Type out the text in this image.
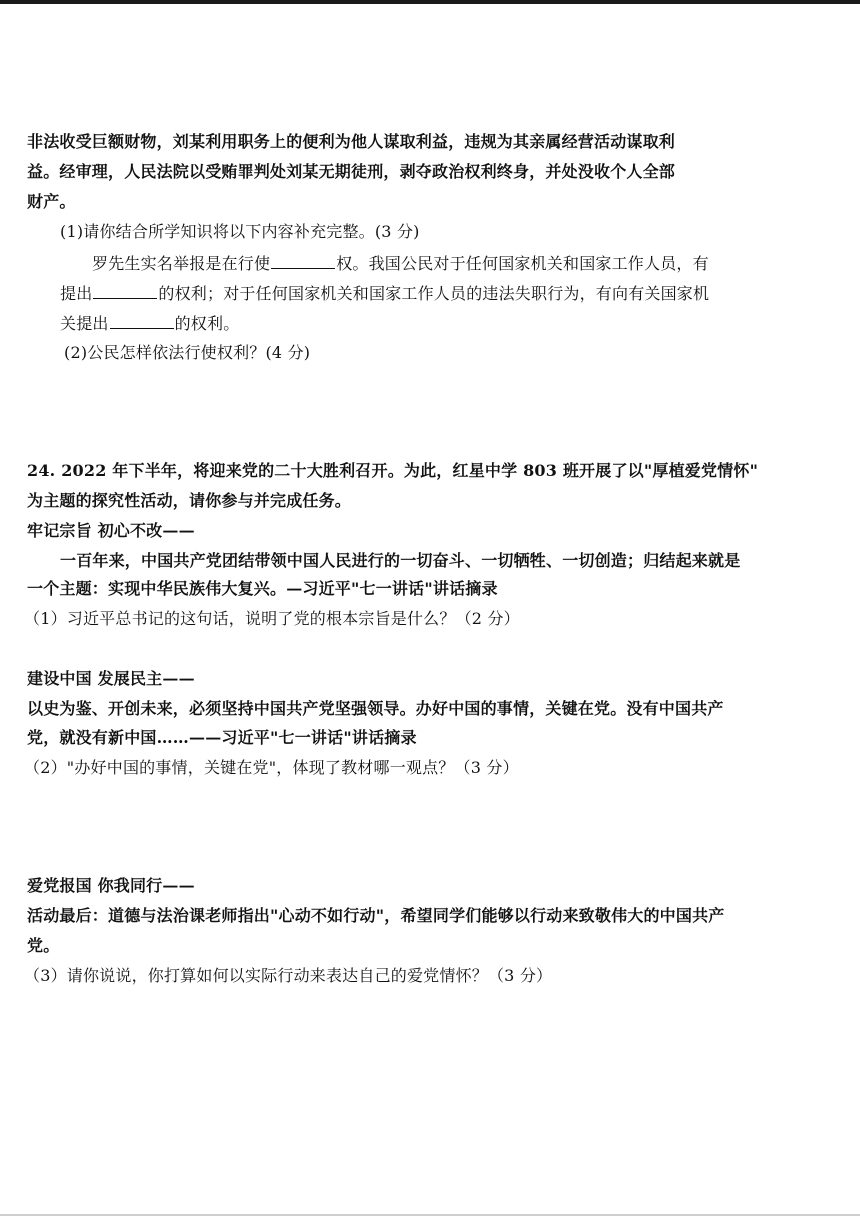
非法收受巨额财物，刘某利用职务上的便利为他人谋取利益，违规为其亲属经营活动谋取利
益。经审理，人民法院以受贿罪判处刘某无期徒刑，剥夺政治权利终身，并处没收个人全部
财产。
(1)请你结合所学知识将以下内容补充完整。(3 分)
罗先生实名举报是在行使	权。我国公民对于任何国家机关和国家工作人员，有
提出	的权利；对于任何国家机关和国家工作人员的违法失职行为，有向有关国家机
关提出	的权利。
(2)公民怎样依法行使权利？(4 分)
24. 2022 年下半年，将迎来党的二十大胜利召开。为此，红星中学 803 班开展了以"厚植爱党情怀"
为主题的探究性活动，请你参与并完成任务。
牢记宗旨 初心不改——
一百年来，中国共产党团结带领中国人民进行的一切奋斗、一切牺牲、一切创造；归结起来就是
一个主题：实现中华民族伟大复兴。—习近平"七一讲话"讲话摘录
（1）习近平总书记的这句话，说明了党的根本宗旨是什么？（2 分）
建设中国 发展民主——
以史为鉴、开创未来，必须坚持中国共产党坚强领导。办好中国的事情，关键在党。没有中国共产
党，就没有新中国……——习近平"七一讲话"讲话摘录
（2）"办好中国的事情，关键在党"，体现了教材哪一观点？（3 分）
爱党报国 你我同行——
活动最后：道德与法治课老师指出"心动不如行动"，希望同学们能够以行动来致敬伟大的中国共产
党。
（3）请你说说，你打算如何以实际行动来表达自己的爱党情怀？（3 分）
